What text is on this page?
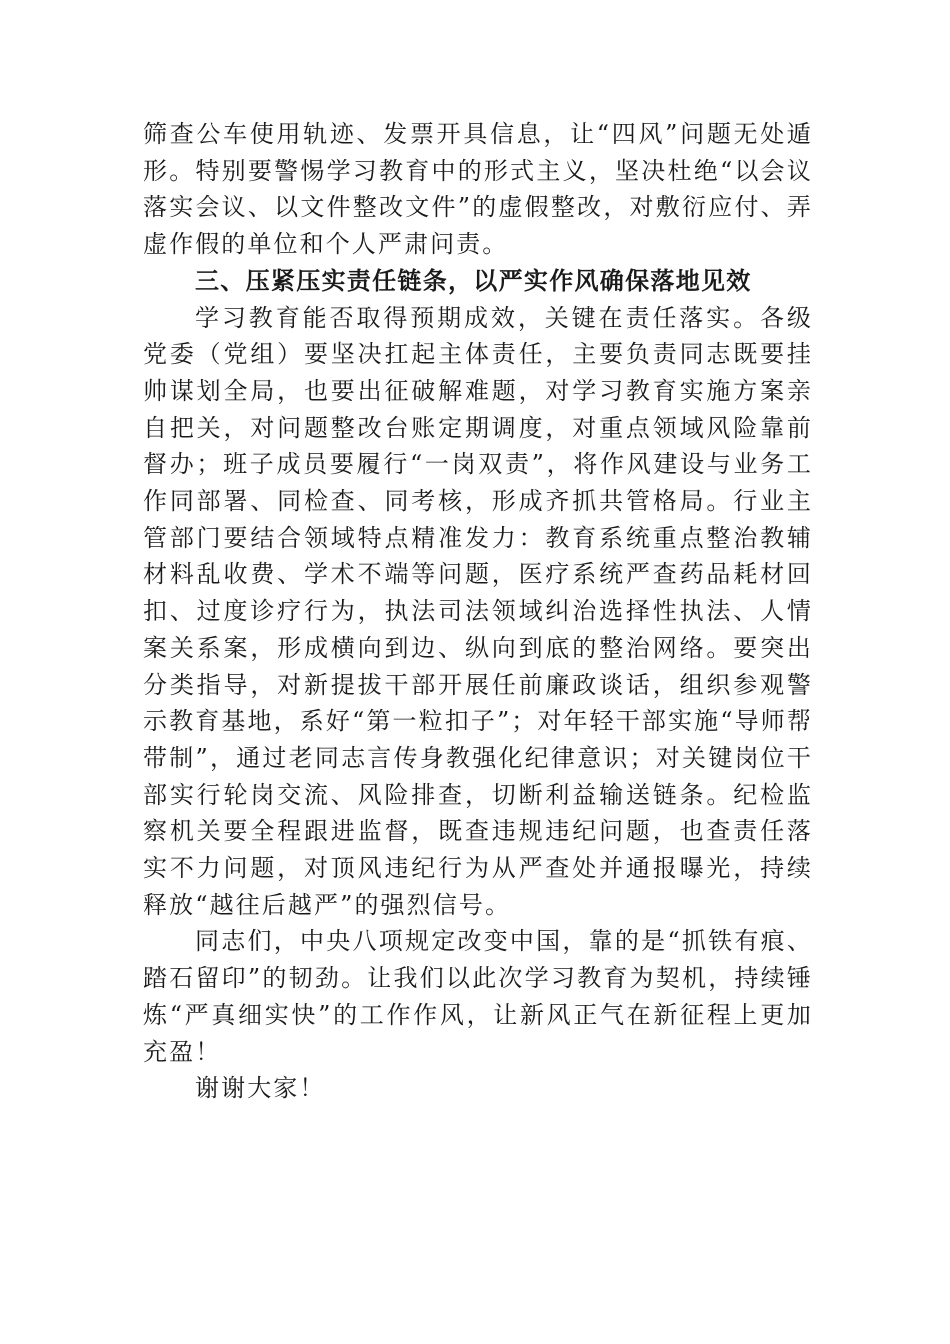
筛查公车使用轨迹、发票开具信息，让“四风”问题无处遁形。特别要警惕学习教育中的形式主义，坚决杜绝“以会议落实会议、以文件整改文件”的虚假整改，对敷衍应付、弄虚作假的单位和个人严肃问责。

三、压紧压实责任链条，以严实作风确保落地见效

学习教育能否取得预期成效，关键在责任落实。各级党委（党组）要坚决扛起主体责任，主要负责同志既要挂帅谋划全局，也要出征破解难题，对学习教育实施方案亲自把关，对问题整改台账定期调度，对重点领域风险靠前督办；班子成员要履行“一岗双责”，将作风建设与业务工作同部署、同检查、同考核，形成齐抓共管格局。行业主管部门要结合领域特点精准发力：教育系统重点整治教辅材料乱收费、学术不端等问题，医疗系统严查药品耗材回扣、过度诊疗行为，执法司法领域纠治选择性执法、人情案关系案，形成横向到边、纵向到底的整治网络。要突出分类指导，对新提拔干部开展任前廉政谈话，组织参观警示教育基地，系好“第一粒扣子”；对年轻干部实施“导师帮带制”，通过老同志言传身教强化纪律意识；对关键岗位干部实行轮岗交流、风险排查，切断利益输送链条。纪检监察机关要全程跟进监督，既查违规违纪问题，也查责任落实不力问题，对顶风违纪行为从严查处并通报曝光，持续释放“越往后越严”的强烈信号。

同志们，中央八项规定改变中国，靠的是“抓铁有痕、踏石留印”的韧劲。让我们以此次学习教育为契机，持续锤炼“严真细实快”的工作作风，让新风正气在新征程上更加充盈！

谢谢大家！
